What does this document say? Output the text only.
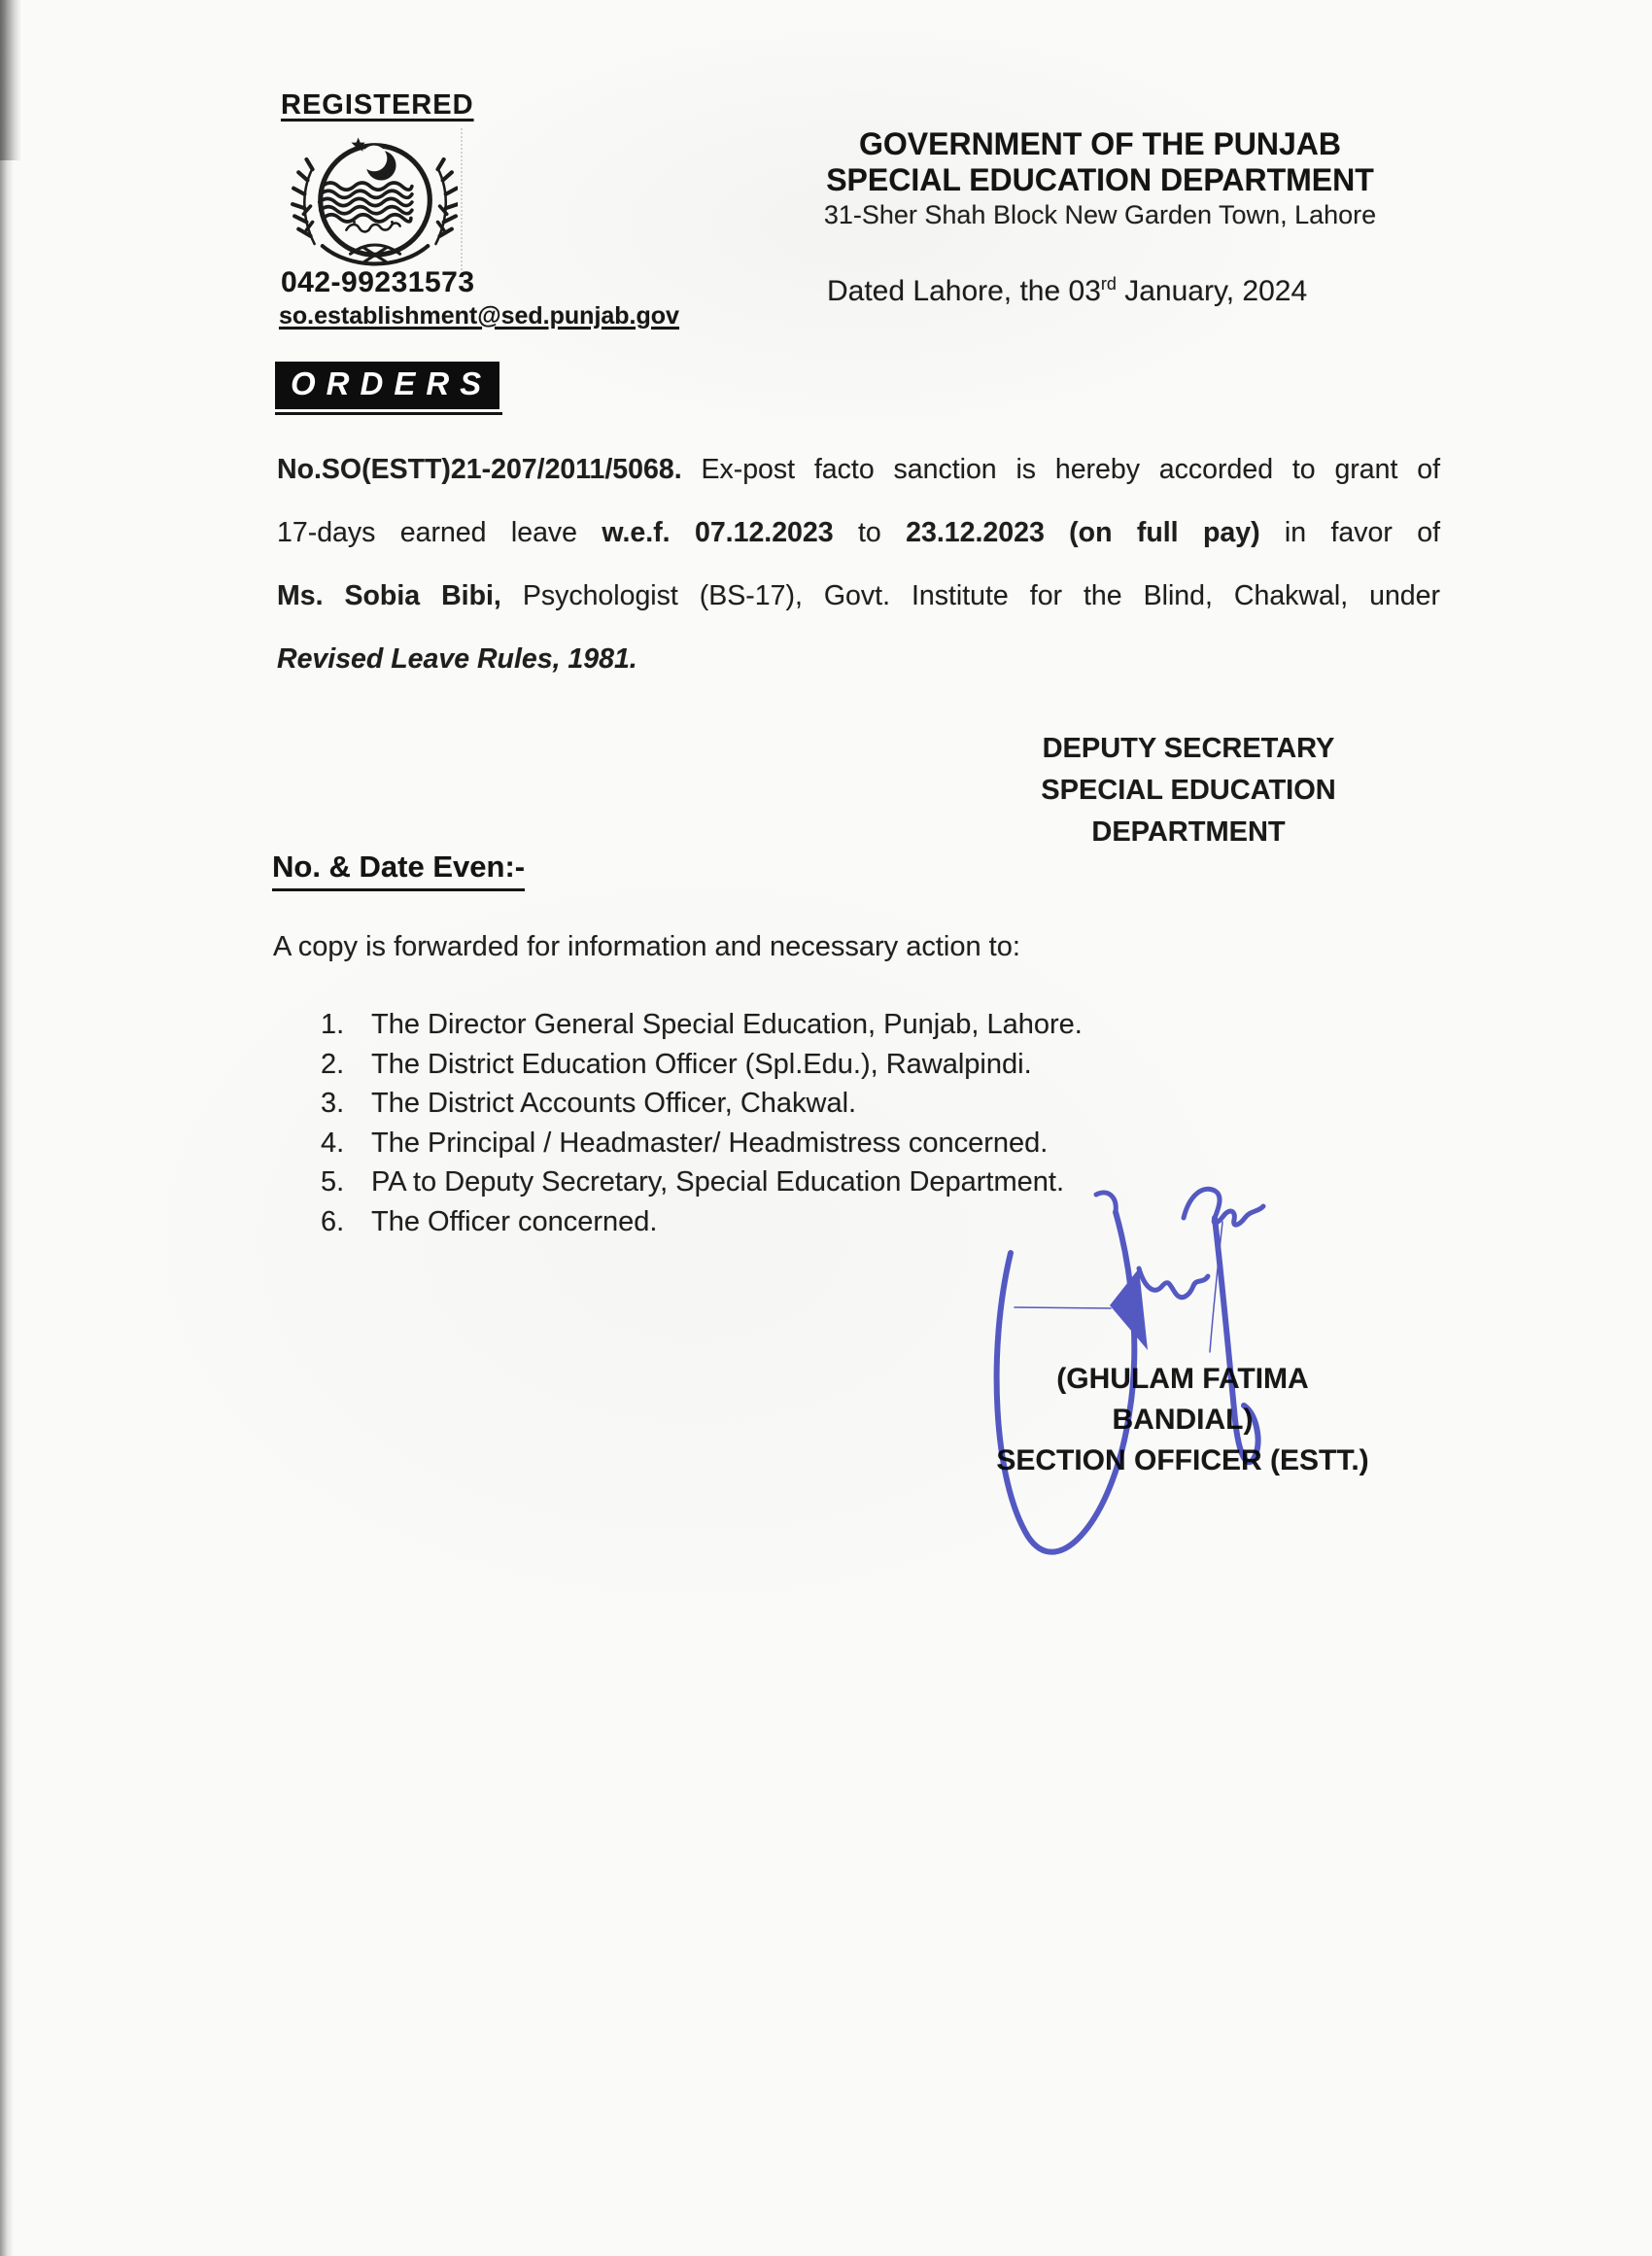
REGISTERED
042-99231573
so.establishment@sed.punjab.gov
GOVERNMENT OF THE PUNJAB
SPECIAL EDUCATION DEPARTMENT
31-Sher Shah Block New Garden Town, Lahore
Dated Lahore, the 03rd January, 2024
ORDERS
No.SO(ESTT)21-207/2011/5068. Ex-post facto sanction is hereby accorded to grant of
17-days earned leave w.e.f. 07.12.2023 to 23.12.2023 (on full pay) in favor of
Ms. Sobia Bibi, Psychologist (BS-17), Govt. Institute for the Blind, Chakwal, under
Revised Leave Rules, 1981.
DEPUTY SECRETARY
SPECIAL EDUCATION
DEPARTMENT
No. & Date Even:-
A copy is forwarded for information and necessary action to:
1. The Director General Special Education, Punjab, Lahore.
2. The District Education Officer (Spl.Edu.), Rawalpindi.
3. The District Accounts Officer, Chakwal.
4. The Principal / Headmaster/ Headmistress concerned.
5. PA to Deputy Secretary, Special Education Department.
6. The Officer concerned.
(GHULAM FATIMA BANDIAL)
SECTION OFFICER (ESTT.)
